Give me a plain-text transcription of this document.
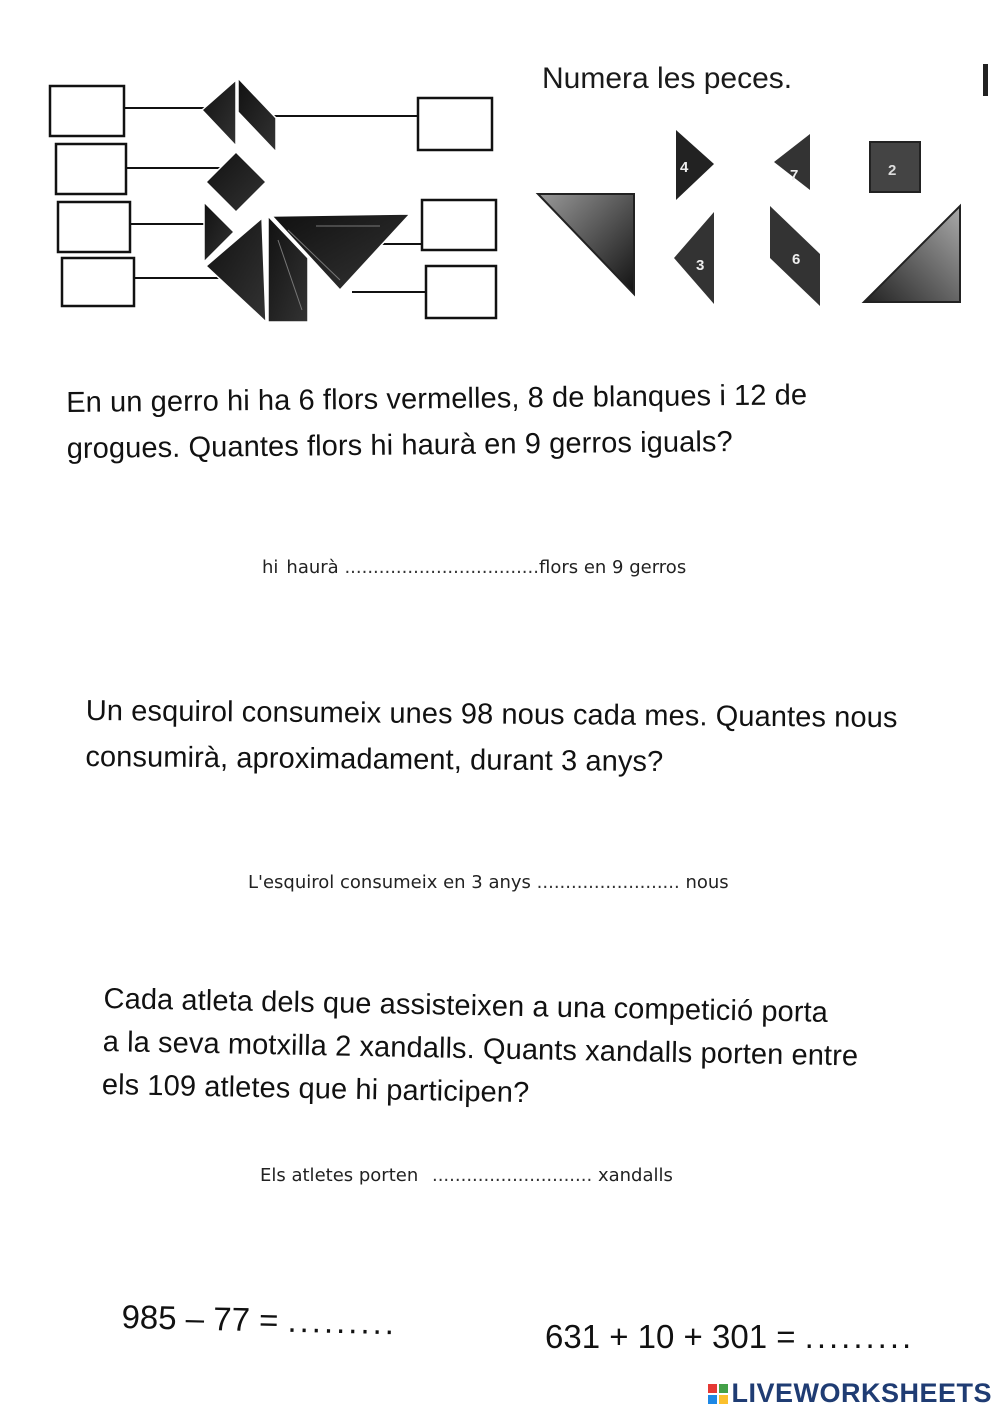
Numera les peces.
4	7	2
3	6
En un gerro hi ha 6 flors vermelles, 8 de blanques i 12 de
grogues. Quantes flors hi haurà en 9 gerros iguals?
hi haurà ..................................flors en 9 gerros
Un esquirol consumeix unes 98 nous cada mes. Quantes nous
consumirà, aproximadament, durant 3 anys?
L'esquirol consumeix en 3 anys ......................... nous
Cada atleta dels que assisteixen a una competició porta
a la seva motxilla 2 xandalls. Quants xandalls porten entre
els 109 atletes que hi participen?
Els atletes porten ............................ xandalls
985 – 77 = .........	631 + 10 + 301 = .........
LIVEWORKSHEETS
